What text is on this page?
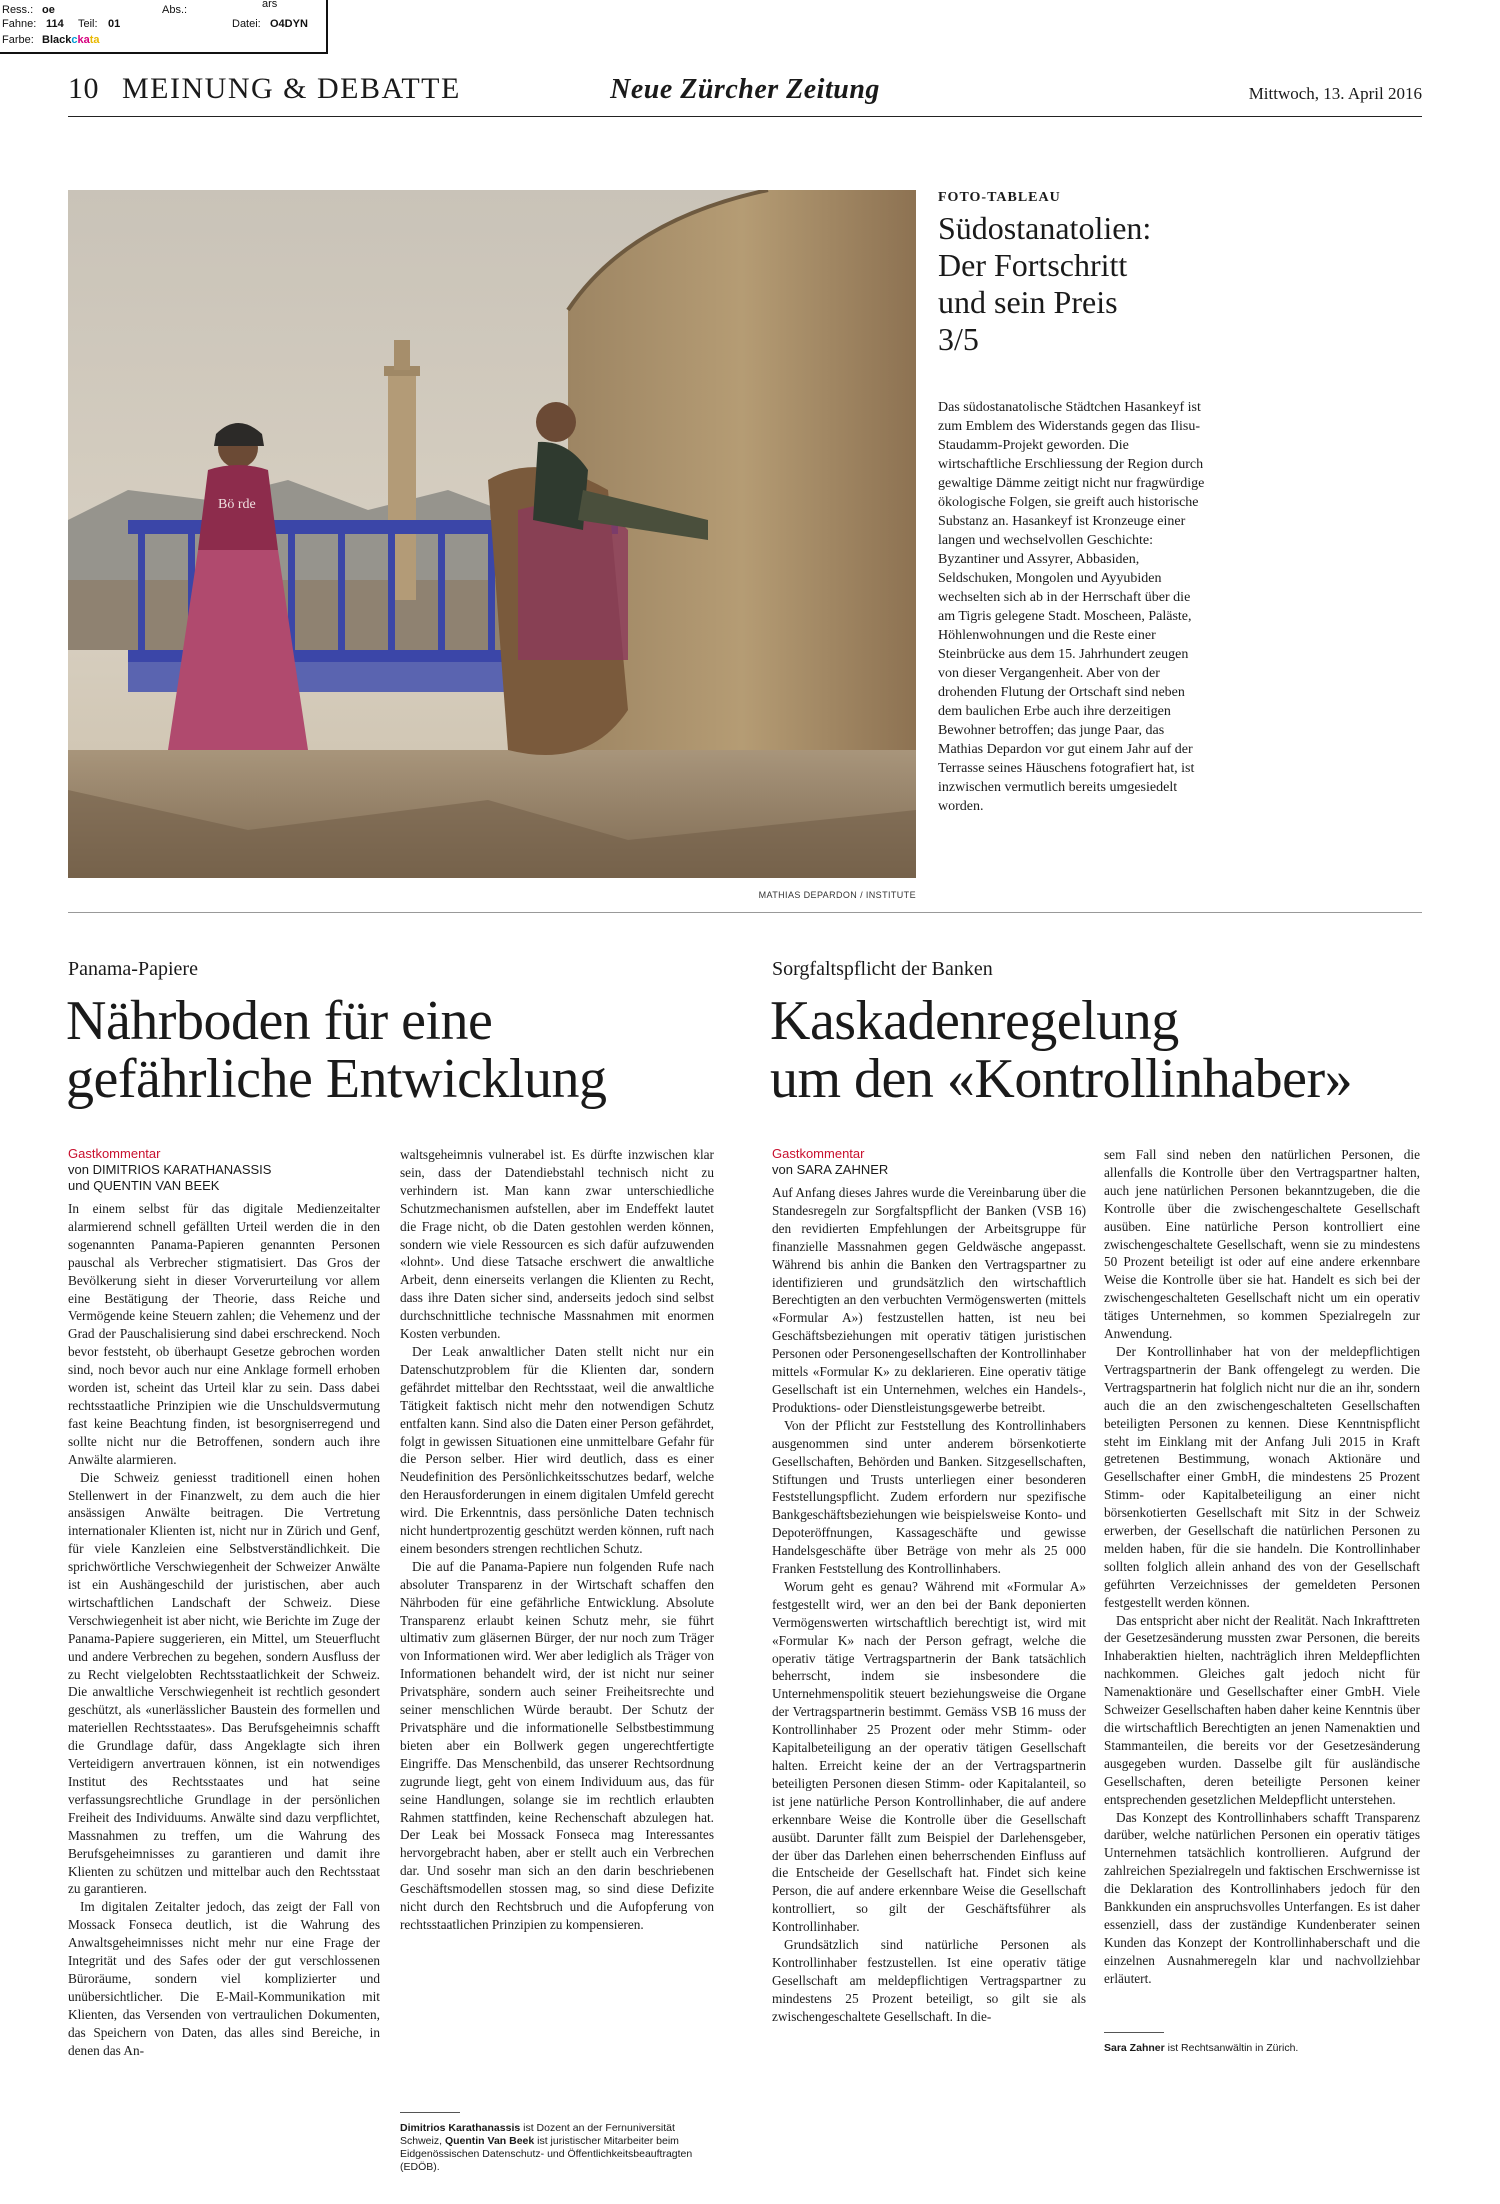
ars
Ress.: oe	Abs.:
Fahne: 114 Teil: 01	Datei: O4DYN
Farbe: Blackckata
10 MEINUNG & DEBATTE	Neue Zürcher Zeitung	Mittwoch, 13. April 2016
Bö rde
MATHIAS DEPARDON / INSTITUTE
FOTO-TABLEAU
Südostanatolien:
Der Fortschritt
und sein Preis
3/5

Das südostanatolische Städtchen Hasankeyf ist zum Emblem des Widerstands gegen das Ilisu-Staudamm-Projekt geworden. Die wirtschaftliche Erschliessung der Region durch gewaltige Dämme zeitigt nicht nur fragwürdige ökologische Folgen, sie greift auch historische Substanz an. Hasankeyf ist Kronzeuge einer langen und wechselvollen Geschichte: Byzantiner und Assyrer, Abbasiden, Seldschuken, Mongolen und Ayyubiden wechselten sich ab in der Herrschaft über die am Tigris gelegene Stadt. Moscheen, Paläste, Höhlenwohnungen und die Reste einer Steinbrücke aus dem 15. Jahrhundert zeugen von dieser Vergangenheit. Aber von der drohenden Flutung der Ortschaft sind neben dem baulichen Erbe auch ihre derzeitigen Bewohner betroffen; das junge Paar, das Mathias Depardon vor gut einem Jahr auf der Terrasse seines Häuschens fotografiert hat, ist inzwischen vermutlich bereits umgesiedelt worden.

Panama-Papiere
Nährboden für eine
gefährliche Entwicklung
Gastkommentar
von DIMITRIOS KARATHANASSIS
und QUENTIN VAN BEEK

In einem selbst für das digitale Medienzeitalter alarmierend schnell gefällten Urteil werden die in den sogenannten Panama-Papieren genannten Personen pauschal als Verbrecher stigmatisiert. Das Gros der Bevölkerung sieht in dieser Vorverurteilung vor allem eine Bestätigung der Theorie, dass Reiche und Vermögende keine Steuern zahlen; die Vehemenz und der Grad der Pauschalisierung sind dabei erschreckend. Noch bevor feststeht, ob überhaupt Gesetze gebrochen worden sind, noch bevor auch nur eine Anklage formell erhoben worden ist, scheint das Urteil klar zu sein. Dass dabei rechtsstaatliche Prinzipien wie die Unschuldsvermutung fast keine Beachtung finden, ist besorgniserregend und sollte nicht nur die Betroffenen, sondern auch ihre Anwälte alarmieren.

Die Schweiz geniesst traditionell einen hohen Stellenwert in der Finanzwelt, zu dem auch die hier ansässigen Anwälte beitragen. Die Vertretung internationaler Klienten ist, nicht nur in Zürich und Genf, für viele Kanzleien eine Selbstverständlichkeit. Die sprichwörtliche Verschwiegenheit der Schweizer Anwälte ist ein Aushängeschild der juristischen, aber auch wirtschaftlichen Landschaft der Schweiz. Diese Verschwiegenheit ist aber nicht, wie Berichte im Zuge der Panama-Papiere suggerieren, ein Mittel, um Steuerflucht und andere Verbrechen zu begehen, sondern Ausfluss der zu Recht vielgelobten Rechtsstaatlichkeit der Schweiz. Die anwaltliche Verschwiegenheit ist rechtlich gesondert geschützt, als «unerlässlicher Baustein des formellen und materiellen Rechtsstaates». Das Berufsgeheimnis schafft die Grundlage dafür, dass Angeklagte sich ihren Verteidigern anvertrauen können, ist ein notwendiges Institut des Rechtsstaates und hat seine verfassungsrechtliche Grundlage in der persönlichen Freiheit des Individuums. Anwälte sind dazu verpflichtet, Massnahmen zu treffen, um die Wahrung des Berufsgeheimnisses zu garantieren und damit ihre Klienten zu schützen und mittelbar auch den Rechtsstaat zu garantieren.

Im digitalen Zeitalter jedoch, das zeigt der Fall von Mossack Fonseca deutlich, ist die Wahrung des Anwaltsgeheimnisses nicht mehr nur eine Frage der Integrität und des Safes oder der gut verschlossenen Büroräume, sondern viel komplizierter und unübersichtlicher. Die E-Mail-Kommunikation mit Klienten, das Versenden von vertraulichen Dokumenten, das Speichern von Daten, das alles sind Bereiche, in denen das An-

waltsgeheimnis vulnerabel ist. Es dürfte inzwischen klar sein, dass der Datendiebstahl technisch nicht zu verhindern ist. Man kann zwar unterschiedliche Schutzmechanismen aufstellen, aber im Endeffekt lautet die Frage nicht, ob die Daten gestohlen werden können, sondern wie viele Ressourcen es sich dafür aufzuwenden «lohnt». Und diese Tatsache erschwert die anwaltliche Arbeit, denn einerseits verlangen die Klienten zu Recht, dass ihre Daten sicher sind, anderseits jedoch sind selbst durchschnittliche technische Massnahmen mit enormen Kosten verbunden.

Der Leak anwaltlicher Daten stellt nicht nur ein Datenschutzproblem für die Klienten dar, sondern gefährdet mittelbar den Rechtsstaat, weil die anwaltliche Tätigkeit faktisch nicht mehr den notwendigen Schutz entfalten kann. Sind also die Daten einer Person gefährdet, folgt in gewissen Situationen eine unmittelbare Gefahr für die Person selber. Hier wird deutlich, dass es einer Neudefinition des Persönlichkeitsschutzes bedarf, welche den Herausforderungen in einem digitalen Umfeld gerecht wird. Die Erkenntnis, dass persönliche Daten technisch nicht hundertprozentig geschützt werden können, ruft nach einem besonders strengen rechtlichen Schutz.

Die auf die Panama-Papiere nun folgenden Rufe nach absoluter Transparenz in der Wirtschaft schaffen den Nährboden für eine gefährliche Entwicklung. Absolute Transparenz erlaubt keinen Schutz mehr, sie führt ultimativ zum gläsernen Bürger, der nur noch zum Träger von Informationen wird. Wer aber lediglich als Träger von Informationen behandelt wird, der ist nicht nur seiner Privatsphäre, sondern auch seiner Freiheitsrechte und seiner menschlichen Würde beraubt. Der Schutz der Privatsphäre und die informationelle Selbstbestimmung bieten aber ein Bollwerk gegen ungerechtfertigte Eingriffe. Das Menschenbild, das unserer Rechtsordnung zugrunde liegt, geht von einem Individuum aus, das für seine Handlungen, solange sie im rechtlich erlaubten Rahmen stattfinden, keine Rechenschaft abzulegen hat. Der Leak bei Mossack Fonseca mag Interessantes hervorgebracht haben, aber er stellt auch ein Verbrechen dar. Und sosehr man sich an den darin beschriebenen Geschäftsmodellen stossen mag, so sind diese Defizite nicht durch den Rechtsbruch und die Aufopferung von rechtsstaatlichen Prinzipien zu kompensieren.

Dimitrios Karathanassis ist Dozent an der Fernuniversität Schweiz, Quentin Van Beek ist juristischer Mitarbeiter beim Eidgenössischen Datenschutz- und Öffentlichkeitsbeauftragten (EDÖB).

Sorgfaltspflicht der Banken
Kaskadenregelung
um den «Kontrollinhaber»
Gastkommentar
von SARA ZAHNER

Auf Anfang dieses Jahres wurde die Vereinbarung über die Standesregeln zur Sorgfaltspflicht der Banken (VSB 16) den revidierten Empfehlungen der Arbeitsgruppe für finanzielle Massnahmen gegen Geldwäsche angepasst. Während bis anhin die Banken den Vertragspartner zu identifizieren und grundsätzlich den wirtschaftlich Berechtigten an den verbuchten Vermögenswerten (mittels «Formular A») festzustellen hatten, ist neu bei Geschäftsbeziehungen mit operativ tätigen juristischen Personen oder Personengesellschaften der Kontrollinhaber mittels «Formular K» zu deklarieren. Eine operativ tätige Gesellschaft ist ein Unternehmen, welches ein Handels-, Produktions- oder Dienstleistungsgewerbe betreibt.

Von der Pflicht zur Feststellung des Kontrollinhabers ausgenommen sind unter anderem börsenkotierte Gesellschaften, Behörden und Banken. Sitzgesellschaften, Stiftungen und Trusts unterliegen einer besonderen Feststellungspflicht. Zudem erfordern nur spezifische Bankgeschäftsbeziehungen wie beispielsweise Konto- und Depoteröffnungen, Kassageschäfte und gewisse Handelsgeschäfte über Beträge von mehr als 25 000 Franken Feststellung des Kontrollinhabers.

Worum geht es genau? Während mit «Formular A» festgestellt wird, wer an den bei der Bank deponierten Vermögenswerten wirtschaftlich berechtigt ist, wird mit «Formular K» nach der Person gefragt, welche die operativ tätige Vertragspartnerin der Bank tatsächlich beherrscht, indem sie insbesondere die Unternehmenspolitik steuert beziehungsweise die Organe der Vertragspartnerin bestimmt. Gemäss VSB 16 muss der Kontrollinhaber 25 Prozent oder mehr Stimm- oder Kapitalbeteiligung an der operativ tätigen Gesellschaft halten. Erreicht keine der an der Vertragspartnerin beteiligten Personen diesen Stimm- oder Kapitalanteil, so ist jene natürliche Person Kontrollinhaber, die auf andere erkennbare Weise die Kontrolle über die Gesellschaft ausübt. Darunter fällt zum Beispiel der Darlehensgeber, der über das Darlehen einen beherrschenden Einfluss auf die Entscheide der Gesellschaft hat. Findet sich keine Person, die auf andere erkennbare Weise die Gesellschaft kontrolliert, so gilt der Geschäftsführer als Kontrollinhaber.

Grundsätzlich sind natürliche Personen als Kontrollinhaber festzustellen. Ist eine operativ tätige Gesellschaft am meldepflichtigen Vertragspartner zu mindestens 25 Prozent beteiligt, so gilt sie als zwischengeschaltete Gesellschaft. In die-

sem Fall sind neben den natürlichen Personen, die allenfalls die Kontrolle über den Vertragspartner halten, auch jene natürlichen Personen bekanntzugeben, die die Kontrolle über die zwischengeschaltete Gesellschaft ausüben. Eine natürliche Person kontrolliert eine zwischengeschaltete Gesellschaft, wenn sie zu mindestens 50 Prozent beteiligt ist oder auf eine andere erkennbare Weise die Kontrolle über sie hat. Handelt es sich bei der zwischengeschalteten Gesellschaft nicht um ein operativ tätiges Unternehmen, so kommen Spezialregeln zur Anwendung.

Der Kontrollinhaber hat von der meldepflichtigen Vertragspartnerin der Bank offengelegt zu werden. Die Vertragspartnerin hat folglich nicht nur die an ihr, sondern auch die an den zwischengeschalteten Gesellschaften beteiligten Personen zu kennen. Diese Kenntnispflicht steht im Einklang mit der Anfang Juli 2015 in Kraft getretenen Bestimmung, wonach Aktionäre und Gesellschafter einer GmbH, die mindestens 25 Prozent Stimm- oder Kapitalbeteiligung an einer nicht börsenkotierten Gesellschaft mit Sitz in der Schweiz erwerben, der Gesellschaft die natürlichen Personen zu melden haben, für die sie handeln. Die Kontrollinhaber sollten folglich allein anhand des von der Gesellschaft geführten Verzeichnisses der gemeldeten Personen festgestellt werden können.

Das entspricht aber nicht der Realität. Nach Inkrafttreten der Gesetzesänderung mussten zwar Personen, die bereits Inhaberaktien hielten, nachträglich ihren Meldepflichten nachkommen. Gleiches galt jedoch nicht für Namenaktionäre und Gesellschafter einer GmbH. Viele Schweizer Gesellschaften haben daher keine Kenntnis über die wirtschaftlich Berechtigten an jenen Namenaktien und Stammanteilen, die bereits vor der Gesetzesänderung ausgegeben wurden. Dasselbe gilt für ausländische Gesellschaften, deren beteiligte Personen keiner entsprechenden gesetzlichen Meldepflicht unterstehen.

Das Konzept des Kontrollinhabers schafft Transparenz darüber, welche natürlichen Personen ein operativ tätiges Unternehmen tatsächlich kontrollieren. Aufgrund der zahlreichen Spezialregeln und faktischen Erschwernisse ist die Deklaration des Kontrollinhabers jedoch für den Bankkunden ein anspruchsvolles Unterfangen. Es ist daher essenziell, dass der zuständige Kundenberater seinen Kunden das Konzept der Kontrollinhaberschaft und die einzelnen Ausnahmeregeln klar und nachvollziehbar erläutert.

Sara Zahner ist Rechtsanwältin in Zürich.
